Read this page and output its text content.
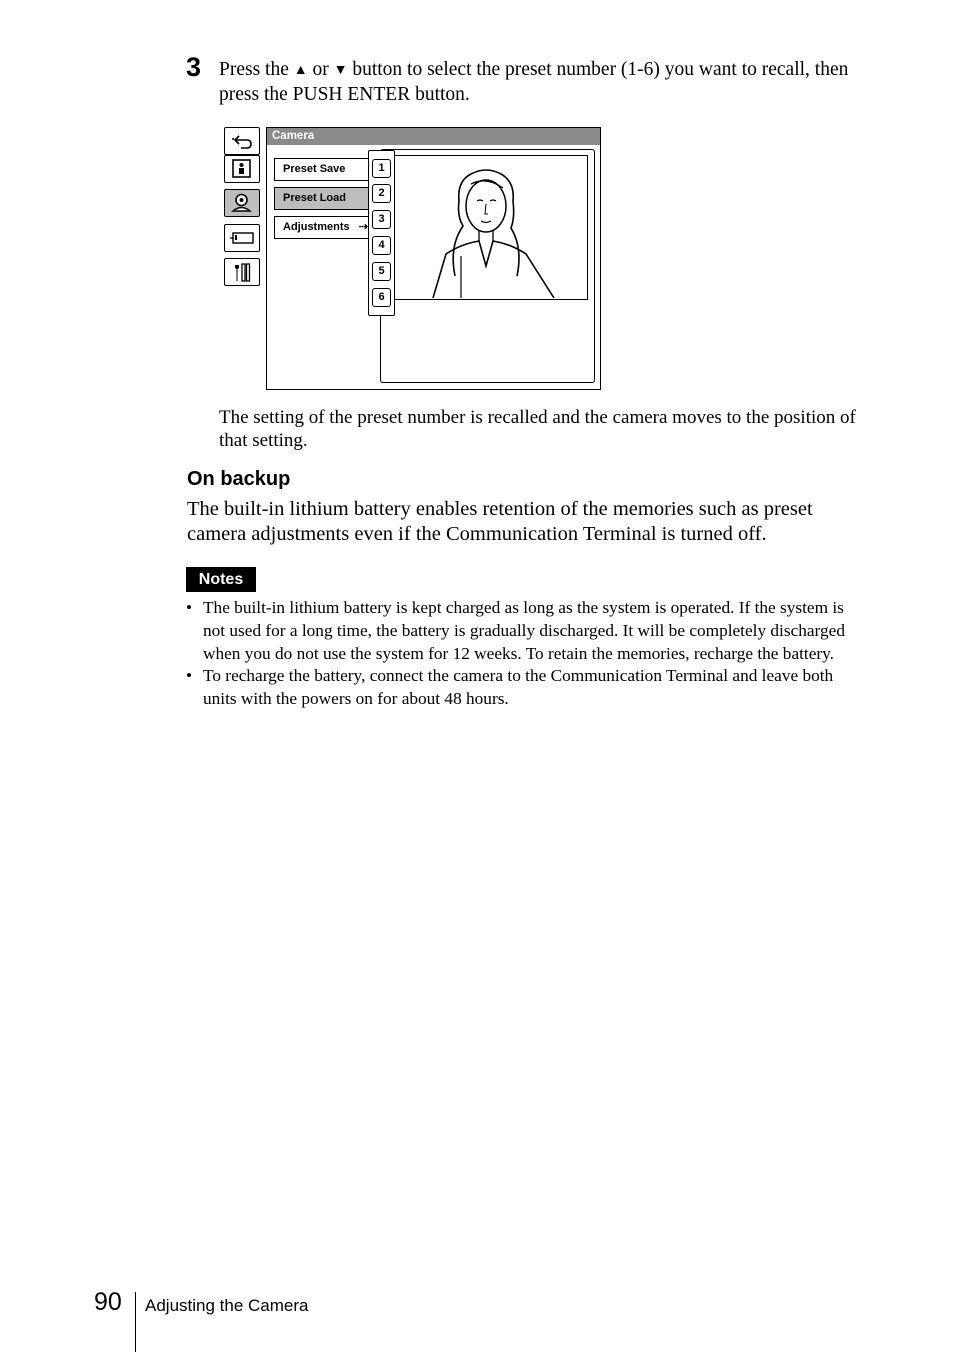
3 Press the ▲ or ▼ button to select the preset number (1-6) you want to recall, then press the PUSH ENTER button.
Camera
Preset Save
Preset Load
Adjustments ⇢
1
2
3
4
5
6
The setting of the preset number is recalled and the camera moves to the position of that setting.
On backup
The built-in lithium battery enables retention of the memories such as preset camera adjustments even if the Communication Terminal is turned off.
Notes
• The built-in lithium battery is kept charged as long as the system is operated. If the system is not used for a long time, the battery is gradually discharged. It will be completely discharged when you do not use the system for 12 weeks. To retain the memories, recharge the battery.
• To recharge the battery, connect the camera to the Communication Terminal and leave both units with the powers on for about 48 hours.
90 Adjusting the Camera
